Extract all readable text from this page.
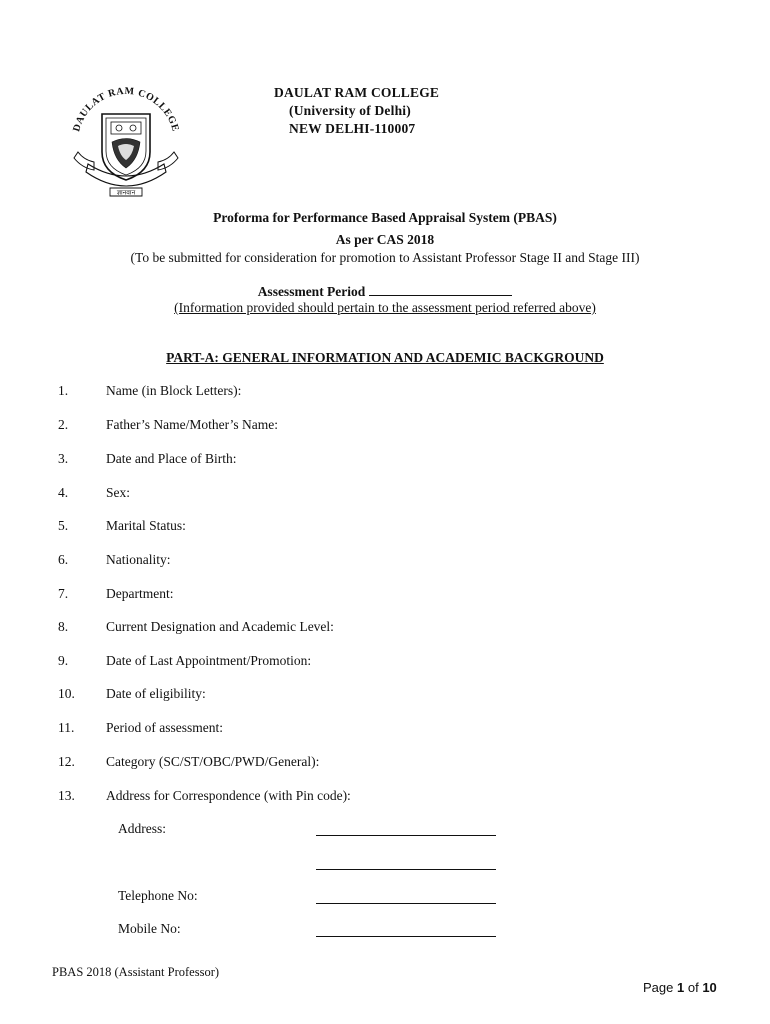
DAULAT RAM COLLEGE
ज्ञानवान
DAULAT RAM COLLEGE
(University of Delhi)
NEW DELHI-110007
Proforma for Performance Based Appraisal System (PBAS)
As per CAS 2018
(To be submitted for consideration for promotion to Assistant Professor Stage II and Stage III)
Assessment Period
(Information provided should pertain to the assessment period referred above)
PART-A: GENERAL INFORMATION AND ACADEMIC BACKGROUND
1.	Name (in Block Letters):
2.	Father’s Name/Mother’s Name:
3.	Date and Place of Birth:
4.	Sex:
5.	Marital Status:
6.	Nationality:
7.	Department:
8.	Current Designation and Academic Level:
9.	Date of Last Appointment/Promotion:
10. Date of eligibility:
11. Period of assessment:
12. Category (SC/ST/OBC/PWD/General):
13. Address for Correspondence (with Pin code):
Address:
Telephone No:
Mobile No:
PBAS 2018 (Assistant Professor)
Page 1 of 10
